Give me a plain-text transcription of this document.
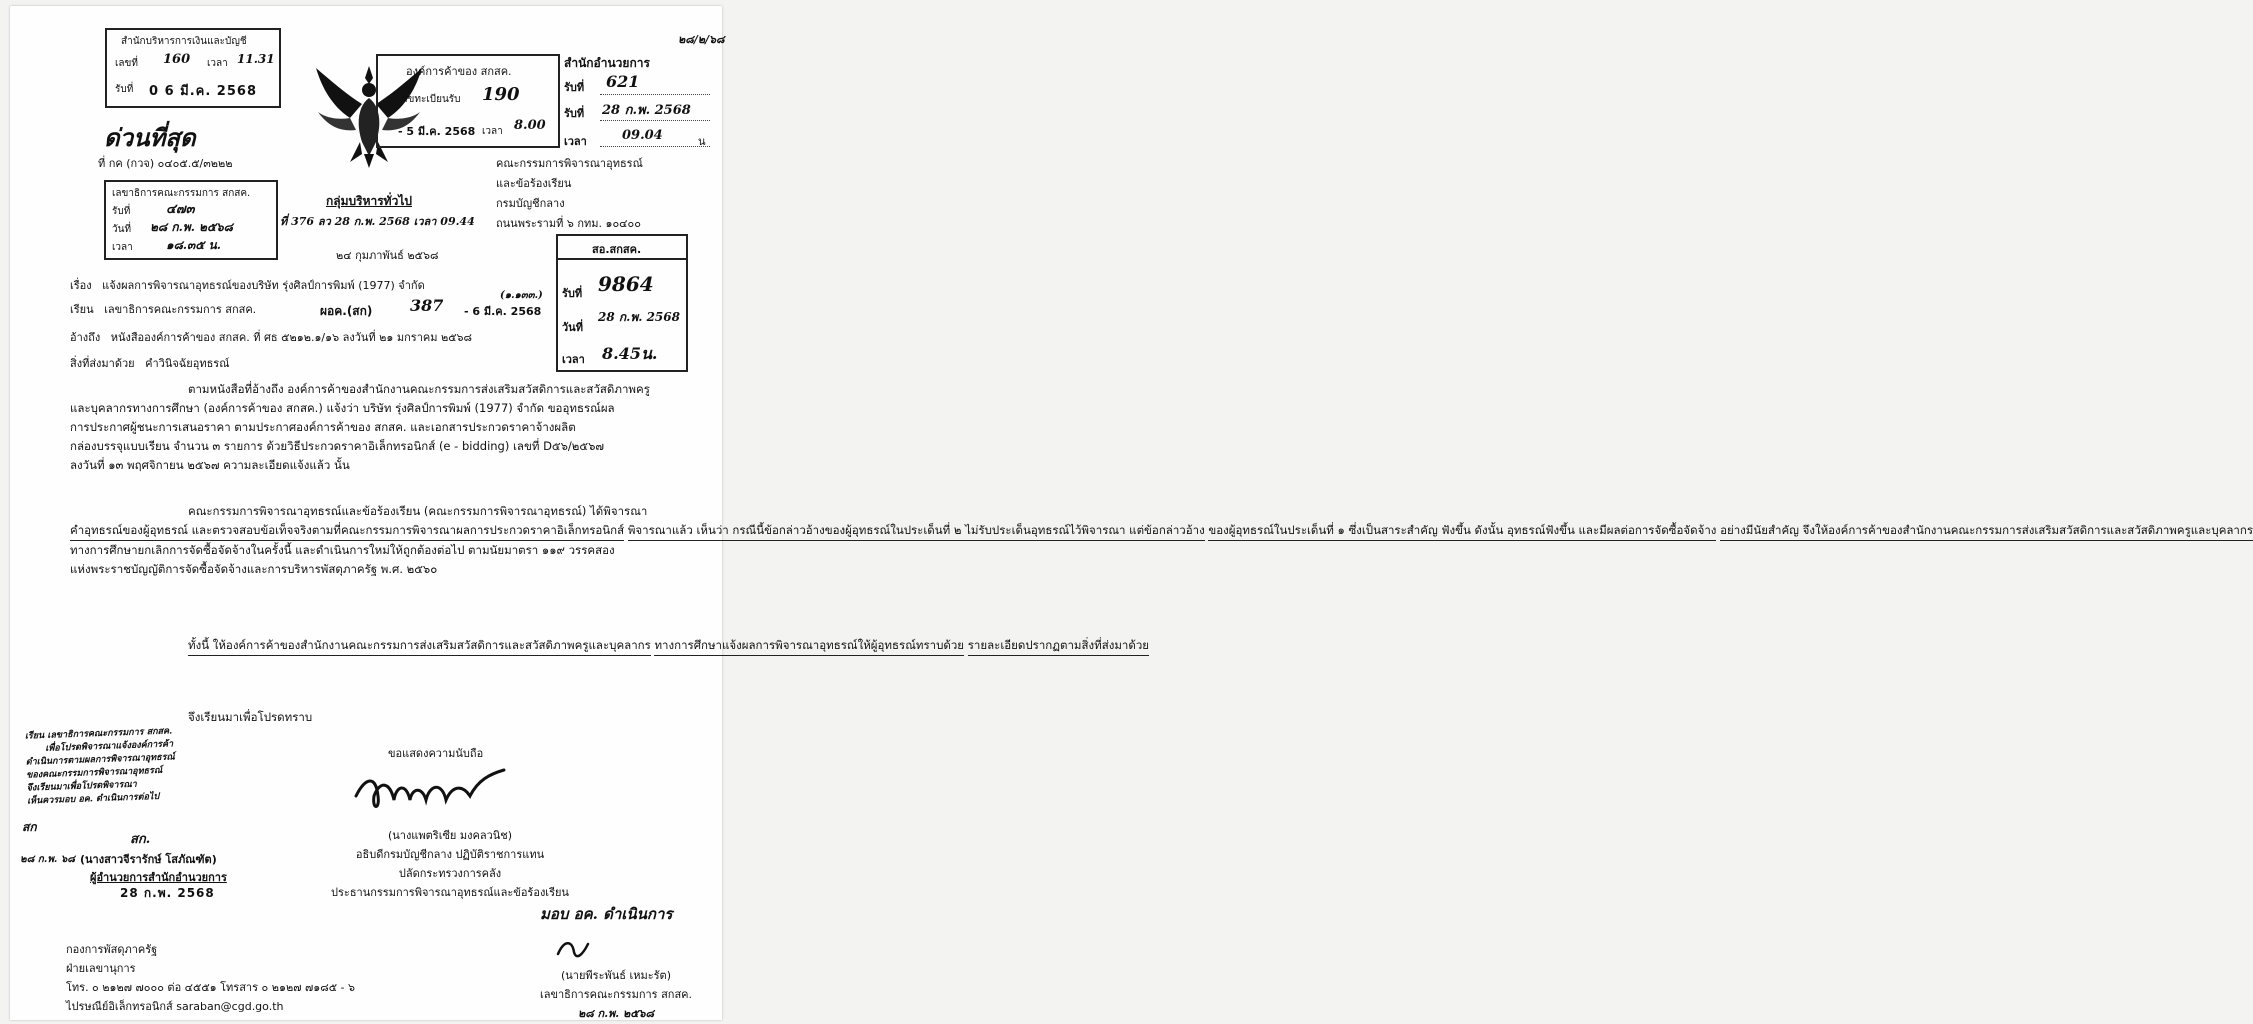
สำนักบริหารการเงินและบัญชี
เลขที่ 160 เวลา 11.31
รับที่ 0 6 มี.ค. 2568
ด่วนที่สุด
ที่ กค (กวจ) ๐๔๐๕.๕/๓๒๒๒
องค์การค้าของ สกสค.
เลขทะเบียนรับ 190
- 5 มี.ค. 2568 เวลา 8.00
สำนักอำนวยการ
รับที่ 621
รับที่ 28 ก.พ. 2568
เวลา	09.04	น
๒๘/๒/๖๘
เลขาธิการคณะกรรมการ สกสค.
รับที่	๔๗๓
วันที่ ๒๘ ก.พ. ๒๕๖๘
เวลา	๑๘.๓๕ น.
กลุ่มบริหารทั่วไป
ที่ 376 ลว 28 ก.พ. 2568 เวลา 09.44
คณะกรรมการพิจารณาอุทธรณ์
และข้อร้องเรียน
กรมบัญชีกลาง
ถนนพระรามที่ ๖ กทม. ๑๐๔๐๐
๒๔ กุมภาพันธ์ ๒๕๖๘	สอ.สกสค.
รับที่ 9864
วันที่
28 ก.พ. 2568
เวลา 8.45น.
เรื่อง แจ้งผลการพิจารณาอุทธรณ์ของบริษัท รุ่งศิลป์การพิมพ์ (1977) จำกัด
เรียน เลขาธิการคณะกรรมการ สกสค.
(๑.๑๓๓.)
ผอค.(สก) 387 - 6 มี.ค. 2568
อ้างถึง หนังสือองค์การค้าของ สกสค. ที่ ศธ ๕๒๑๒.๑/๑๖ ลงวันที่ ๒๑ มกราคม ๒๕๖๘
สิ่งที่ส่งมาด้วย คำวินิจฉัยอุทธรณ์
ตามหนังสือที่อ้างถึง องค์การค้าของสำนักงานคณะกรรมการส่งเสริมสวัสดิการและสวัสดิภาพครู
และบุคลากรทางการศึกษา (องค์การค้าของ สกสค.) แจ้งว่า บริษัท รุ่งศิลป์การพิมพ์ (1977) จำกัด ขออุทธรณ์ผล
การประกาศผู้ชนะการเสนอราคา ตามประกาศองค์การค้าของ สกสค. และเอกสารประกวดราคาจ้างผลิต
กล่องบรรจุแบบเรียน จำนวน ๓ รายการ ด้วยวิธีประกวดราคาอิเล็กทรอนิกส์ (e - bidding) เลขที่ D๕๖/๒๕๖๗
ลงวันที่ ๑๓ พฤศจิกายน ๒๕๖๗ ความละเอียดแจ้งแล้ว นั้น
คณะกรรมการพิจารณาอุทธรณ์และข้อร้องเรียน (คณะกรรมการพิจารณาอุทธรณ์) ได้พิจารณา
คำอุทธรณ์ของผู้อุทธรณ์ และตรวจสอบข้อเท็จจริงตามที่คณะกรรมการพิจารณาผลการประกวดราคาอิเล็กทรอนิกส์ พิจารณาแล้ว เห็นว่า กรณีนี้ข้อกล่าวอ้างของผู้อุทธรณ์ในประเด็นที่ ๒ ไม่รับประเด็นอุทธรณ์ไว้พิจารณา แต่ข้อกล่าวอ้าง ของผู้อุทธรณ์ในประเด็นที่ ๑ ซึ่งเป็นสาระสำคัญ ฟังขึ้น ดังนั้น อุทธรณ์ฟังขึ้น และมีผลต่อการจัดซื้อจัดจ้าง อย่างมีนัยสำคัญ จึงให้องค์การค้าของสำนักงานคณะกรรมการส่งเสริมสวัสดิการและสวัสดิภาพครูและบุคลากร
ทางการศึกษายกเลิกการจัดซื้อจัดจ้างในครั้งนี้ และดำเนินการใหม่ให้ถูกต้องต่อไป ตามนัยมาตรา ๑๑๙ วรรคสอง
แห่งพระราชบัญญัติการจัดซื้อจัดจ้างและการบริหารพัสดุภาครัฐ พ.ศ. ๒๕๖๐
ทั้งนี้ ให้องค์การค้าของสำนักงานคณะกรรมการส่งเสริมสวัสดิการและสวัสดิภาพครูและบุคลากร ทางการศึกษาแจ้งผลการพิจารณาอุทธรณ์ให้ผู้อุทธรณ์ทราบด้วย รายละเอียดปรากฏตามสิ่งที่ส่งมาด้วย
จึงเรียนมาเพื่อโปรดทราบ
เรียน เลขาธิการคณะกรรมการ สกสค.
เพื่อโปรดพิจารณาแจ้งองค์การค้า
ดำเนินการตามผลการพิจารณาอุทธรณ์
ของคณะกรรมการพิจารณาอุทธรณ์
จึงเรียนมาเพื่อโปรดพิจารณา
เห็นควรมอบ อค. ดำเนินการต่อไป
สก
๒๘ ก.พ. ๖๘
สก.
(นางสาวจีรารักษ์ โสภัณฑัต)
ผู้อำนวยการสำนักอำนวยการ
28 ก.พ. 2568
ขอแสดงความนับถือ
(นางแพตริเซีย มงคลวนิช)
อธิบดีกรมบัญชีกลาง ปฏิบัติราชการแทน
ปลัดกระทรวงการคลัง
ประธานกรรมการพิจารณาอุทธรณ์และข้อร้องเรียน
มอบ อค. ดำเนินการ
กองการพัสดุภาครัฐ
ฝ่ายเลขานุการ
โทร. ๐ ๒๑๒๗ ๗๐๐๐ ต่อ ๔๕๕๑ โทรสาร ๐ ๒๑๒๗ ๗๑๘๕ - ๖
ไปรษณีย์อิเล็กทรอนิกส์ saraban@cgd.go.th
(นายพีระพันธ์ เหมะรัต)
เลขาธิการคณะกรรมการ สกสค.
๒๘ ก.พ. ๒๕๖๘
